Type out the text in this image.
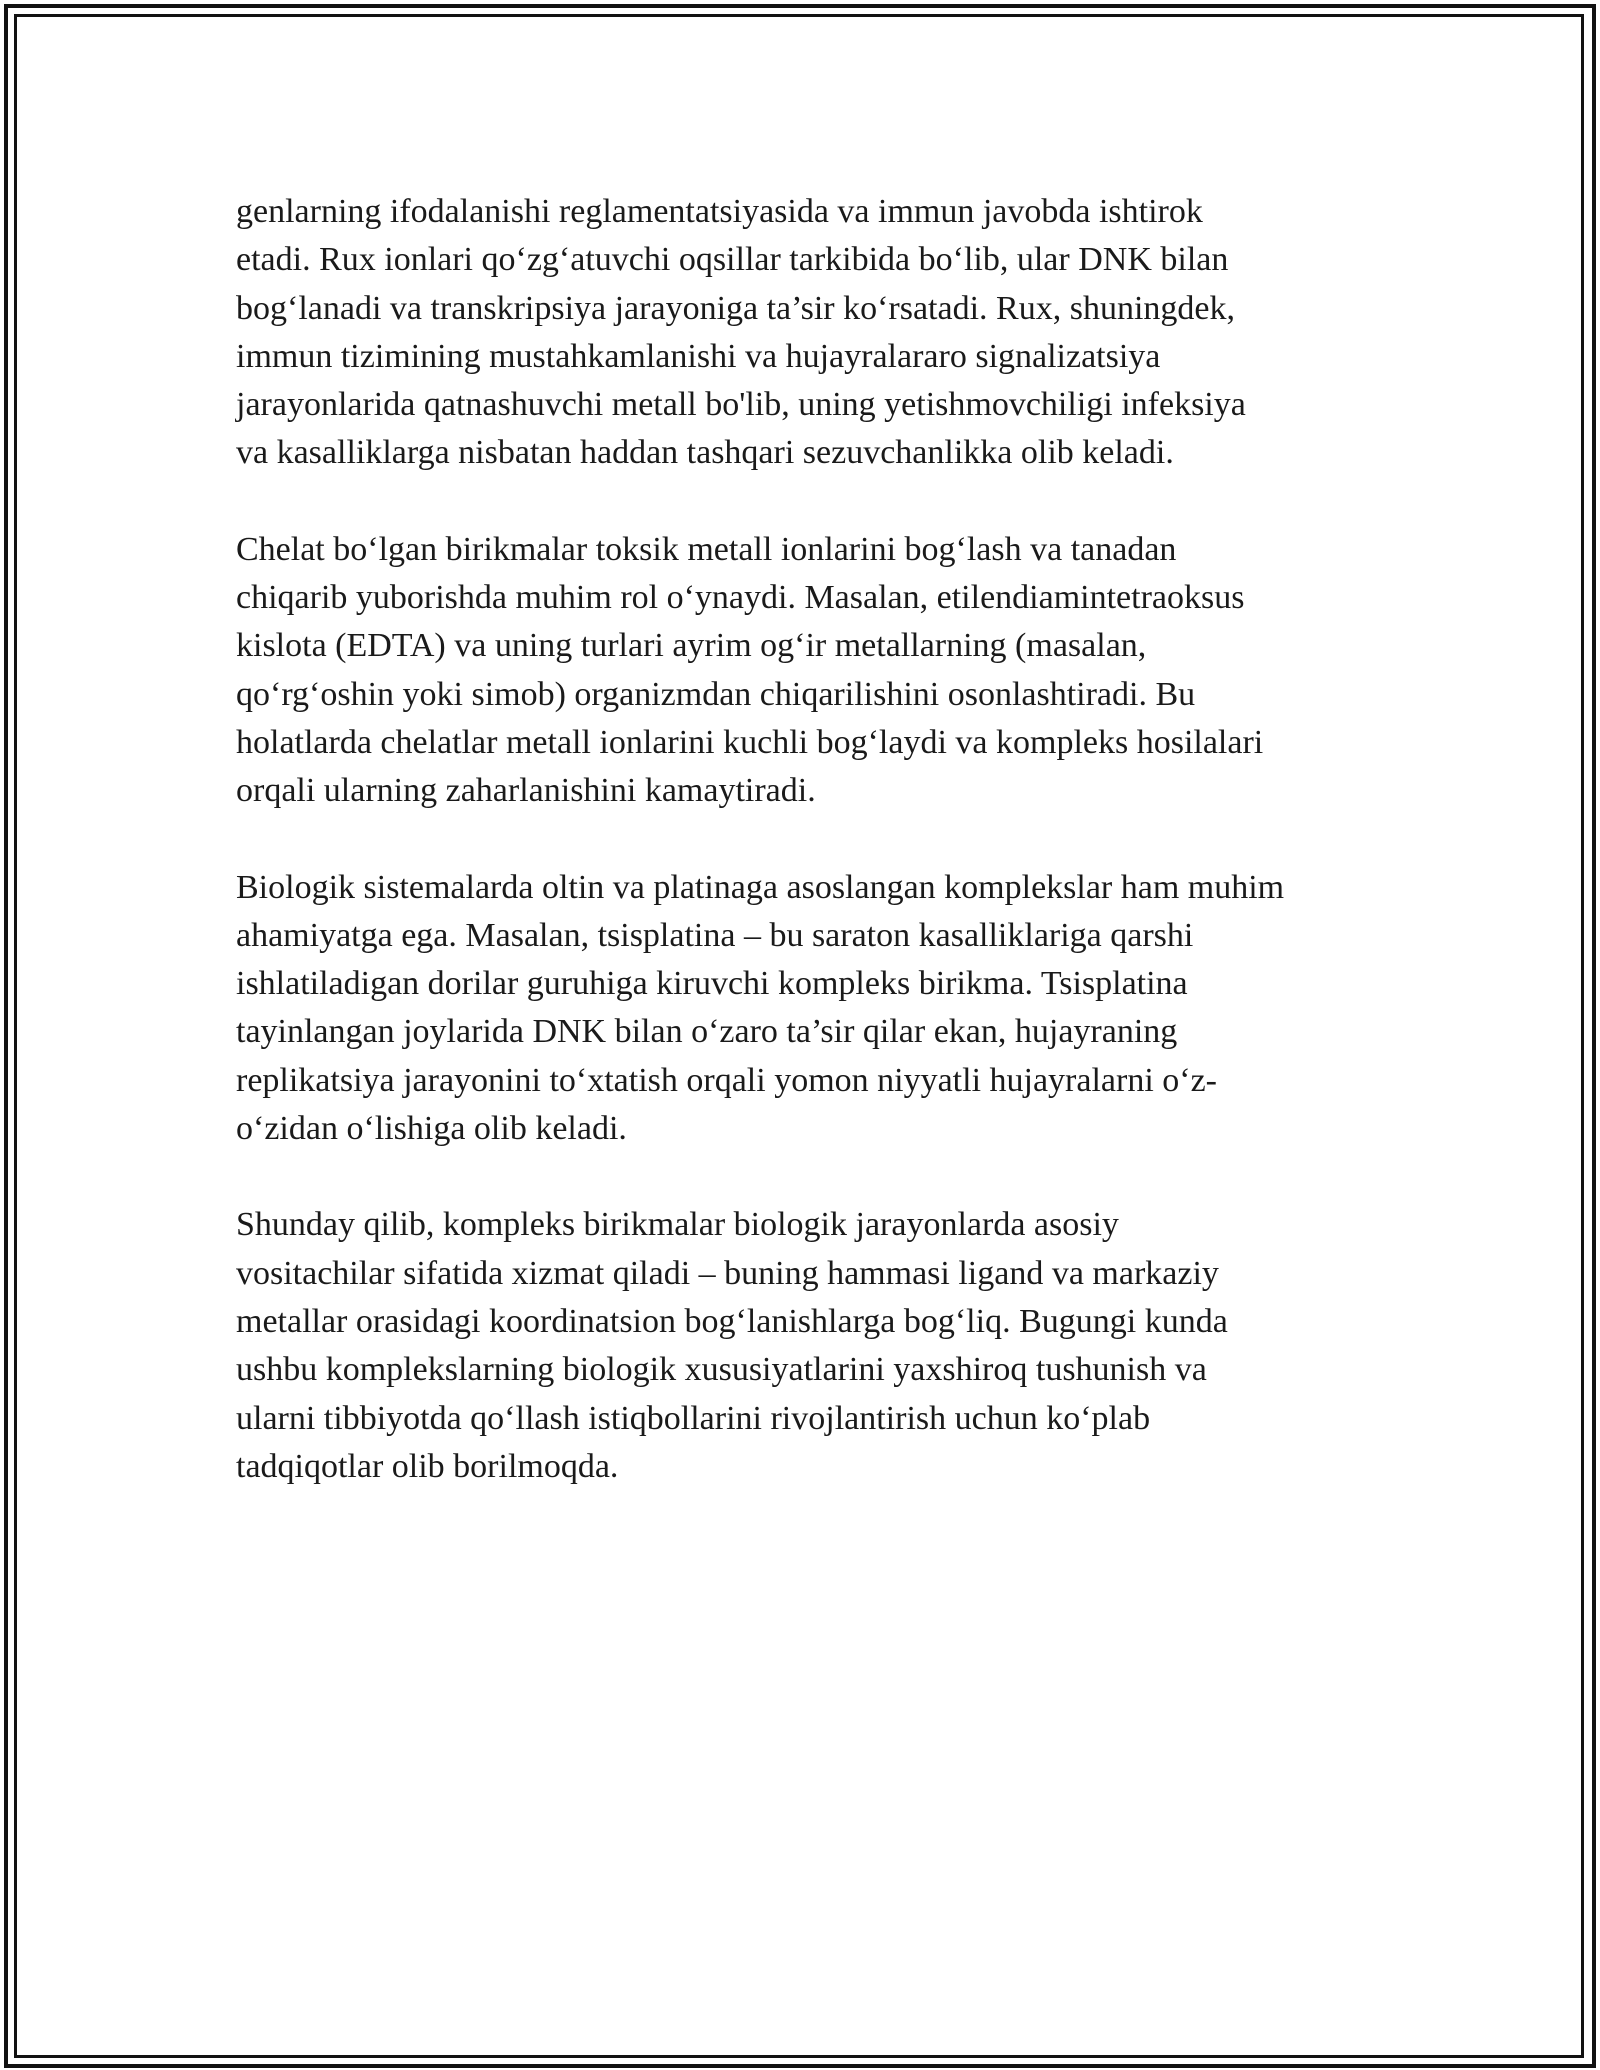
genlarning ifodalanishi reglamentatsiyasida va immun javobda ishtirok
etadi. Rux ionlari qo‘zg‘atuvchi oqsillar tarkibida bo‘lib, ular DNK bilan
bog‘lanadi va transkripsiya jarayoniga ta’sir ko‘rsatadi. Rux, shuningdek,
immun tizimining mustahkamlanishi va hujayralararo signalizatsiya
jarayonlarida qatnashuvchi metall bo'lib, uning yetishmovchiligi infeksiya
va kasalliklarga nisbatan haddan tashqari sezuvchanlikka olib keladi.

Chelat bo‘lgan birikmalar toksik metall ionlarini bog‘lash va tanadan
chiqarib yuborishda muhim rol o‘ynaydi. Masalan, etilendiamintetraoksus
kislota (EDTA) va uning turlari ayrim og‘ir metallarning (masalan,
qo‘rg‘oshin yoki simob) organizmdan chiqarilishini osonlashtiradi. Bu
holatlarda chelatlar metall ionlarini kuchli bog‘laydi va kompleks hosilalari
orqali ularning zaharlanishini kamaytiradi.

Biologik sistemalarda oltin va platinaga asoslangan komplekslar ham muhim
ahamiyatga ega. Masalan, tsisplatina – bu saraton kasalliklariga qarshi
ishlatiladigan dorilar guruhiga kiruvchi kompleks birikma. Tsisplatina
tayinlangan joylarida DNK bilan o‘zaro ta’sir qilar ekan, hujayraning
replikatsiya jarayonini to‘xtatish orqali yomon niyyatli hujayralarni o‘z-
o‘zidan o‘lishiga olib keladi.

Shunday qilib, kompleks birikmalar biologik jarayonlarda asosiy
vositachilar sifatida xizmat qiladi – buning hammasi ligand va markaziy
metallar orasidagi koordinatsion bog‘lanishlarga bog‘liq. Bugungi kunda
ushbu komplekslarning biologik xususiyatlarini yaxshiroq tushunish va
ularni tibbiyotda qo‘llash istiqbollarini rivojlantirish uchun ko‘plab
tadqiqotlar olib borilmoqda.
